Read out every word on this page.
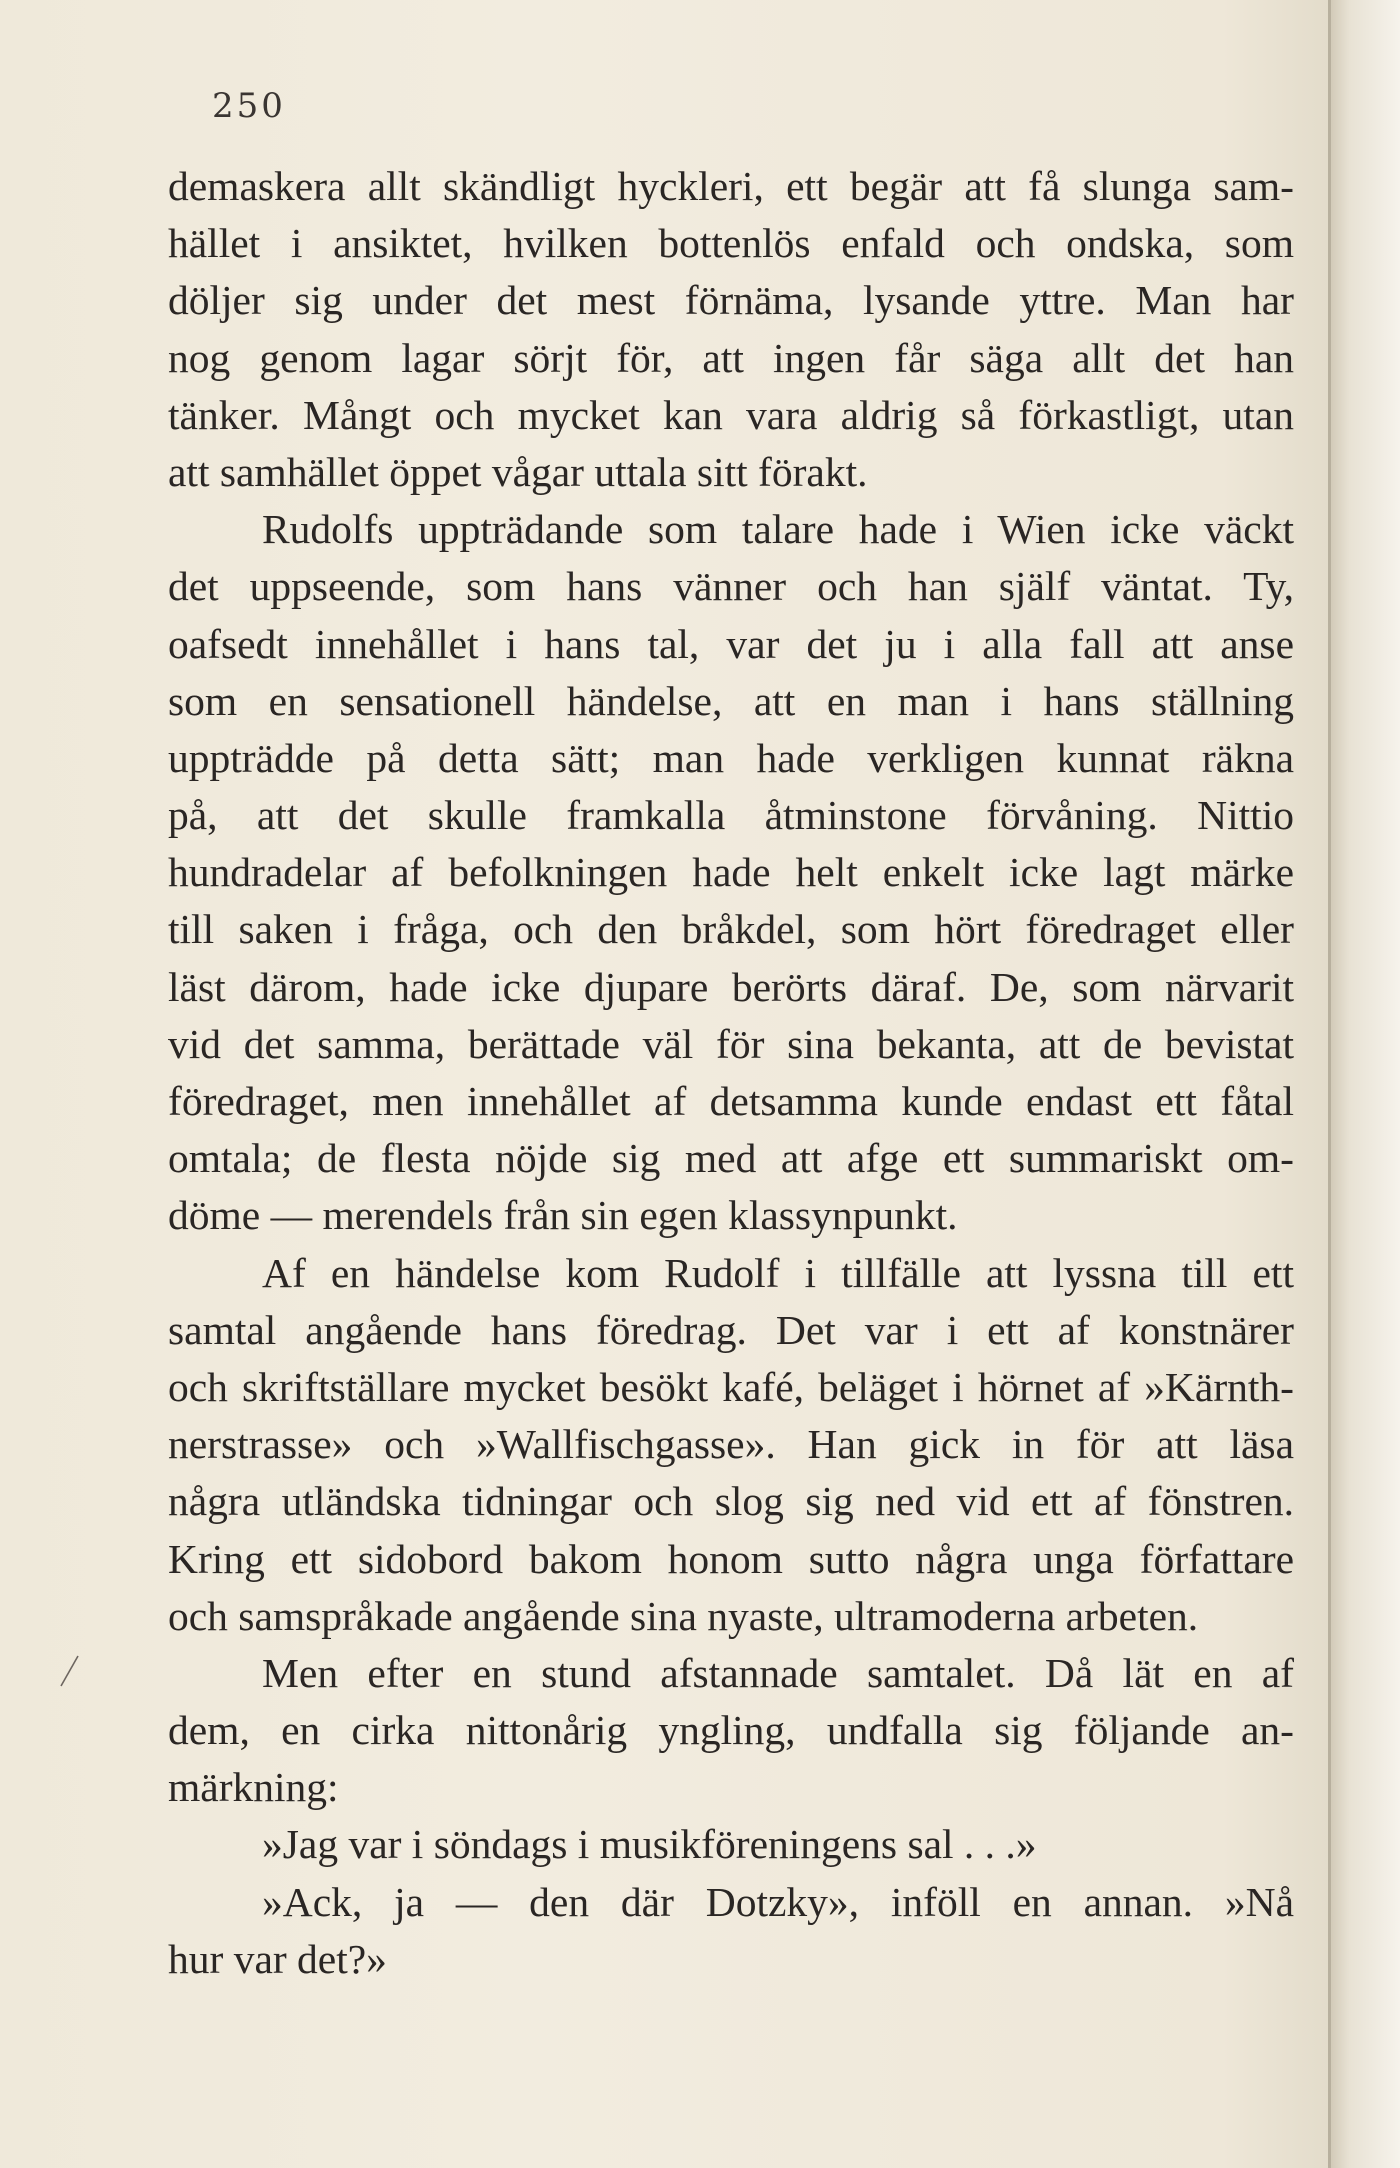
250

demaskera allt skändligt hyckleri, ett begär att få slunga sam-
hället i ansiktet, hvilken bottenlös enfald och ondska, som
döljer sig under det mest förnäma, lysande yttre. Man har
nog genom lagar sörjt för, att ingen får säga allt det han
tänker. Mångt och mycket kan vara aldrig så förkastligt, utan
att samhället öppet vågar uttala sitt förakt.
Rudolfs uppträdande som talare hade i Wien icke väckt
det uppseende, som hans vänner och han själf väntat. Ty,
oafsedt innehållet i hans tal, var det ju i alla fall att anse
som en sensationell händelse, att en man i hans ställning
uppträdde på detta sätt; man hade verkligen kunnat räkna
på, att det skulle framkalla åtminstone förvåning. Nittio
hundradelar af befolkningen hade helt enkelt icke lagt märke
till saken i fråga, och den bråkdel, som hört föredraget eller
läst därom, hade icke djupare berörts däraf. De, som närvarit
vid det samma, berättade väl för sina bekanta, att de bevistat
föredraget, men innehållet af detsamma kunde endast ett fåtal
omtala; de flesta nöjde sig med att afge ett summariskt om-
döme — merendels från sin egen klassynpunkt.
Af en händelse kom Rudolf i tillfälle att lyssna till ett
samtal angående hans föredrag. Det var i ett af konstnärer
och skriftställare mycket besökt kafé, beläget i hörnet af »Kärnth-
nerstrasse» och »Wallfischgasse». Han gick in för att läsa
några utländska tidningar och slog sig ned vid ett af fönstren.
Kring ett sidobord bakom honom sutto några unga författare
och samspråkade angående sina nyaste, ultramoderna arbeten.
Men efter en stund afstannade samtalet. Då lät en af
dem, en cirka nittonårig yngling, undfalla sig följande an-
märkning:
»Jag var i söndags i musikföreningens sal . . .»
»Ack, ja — den där Dotzky», inföll en annan. »Nå
hur var det?»
